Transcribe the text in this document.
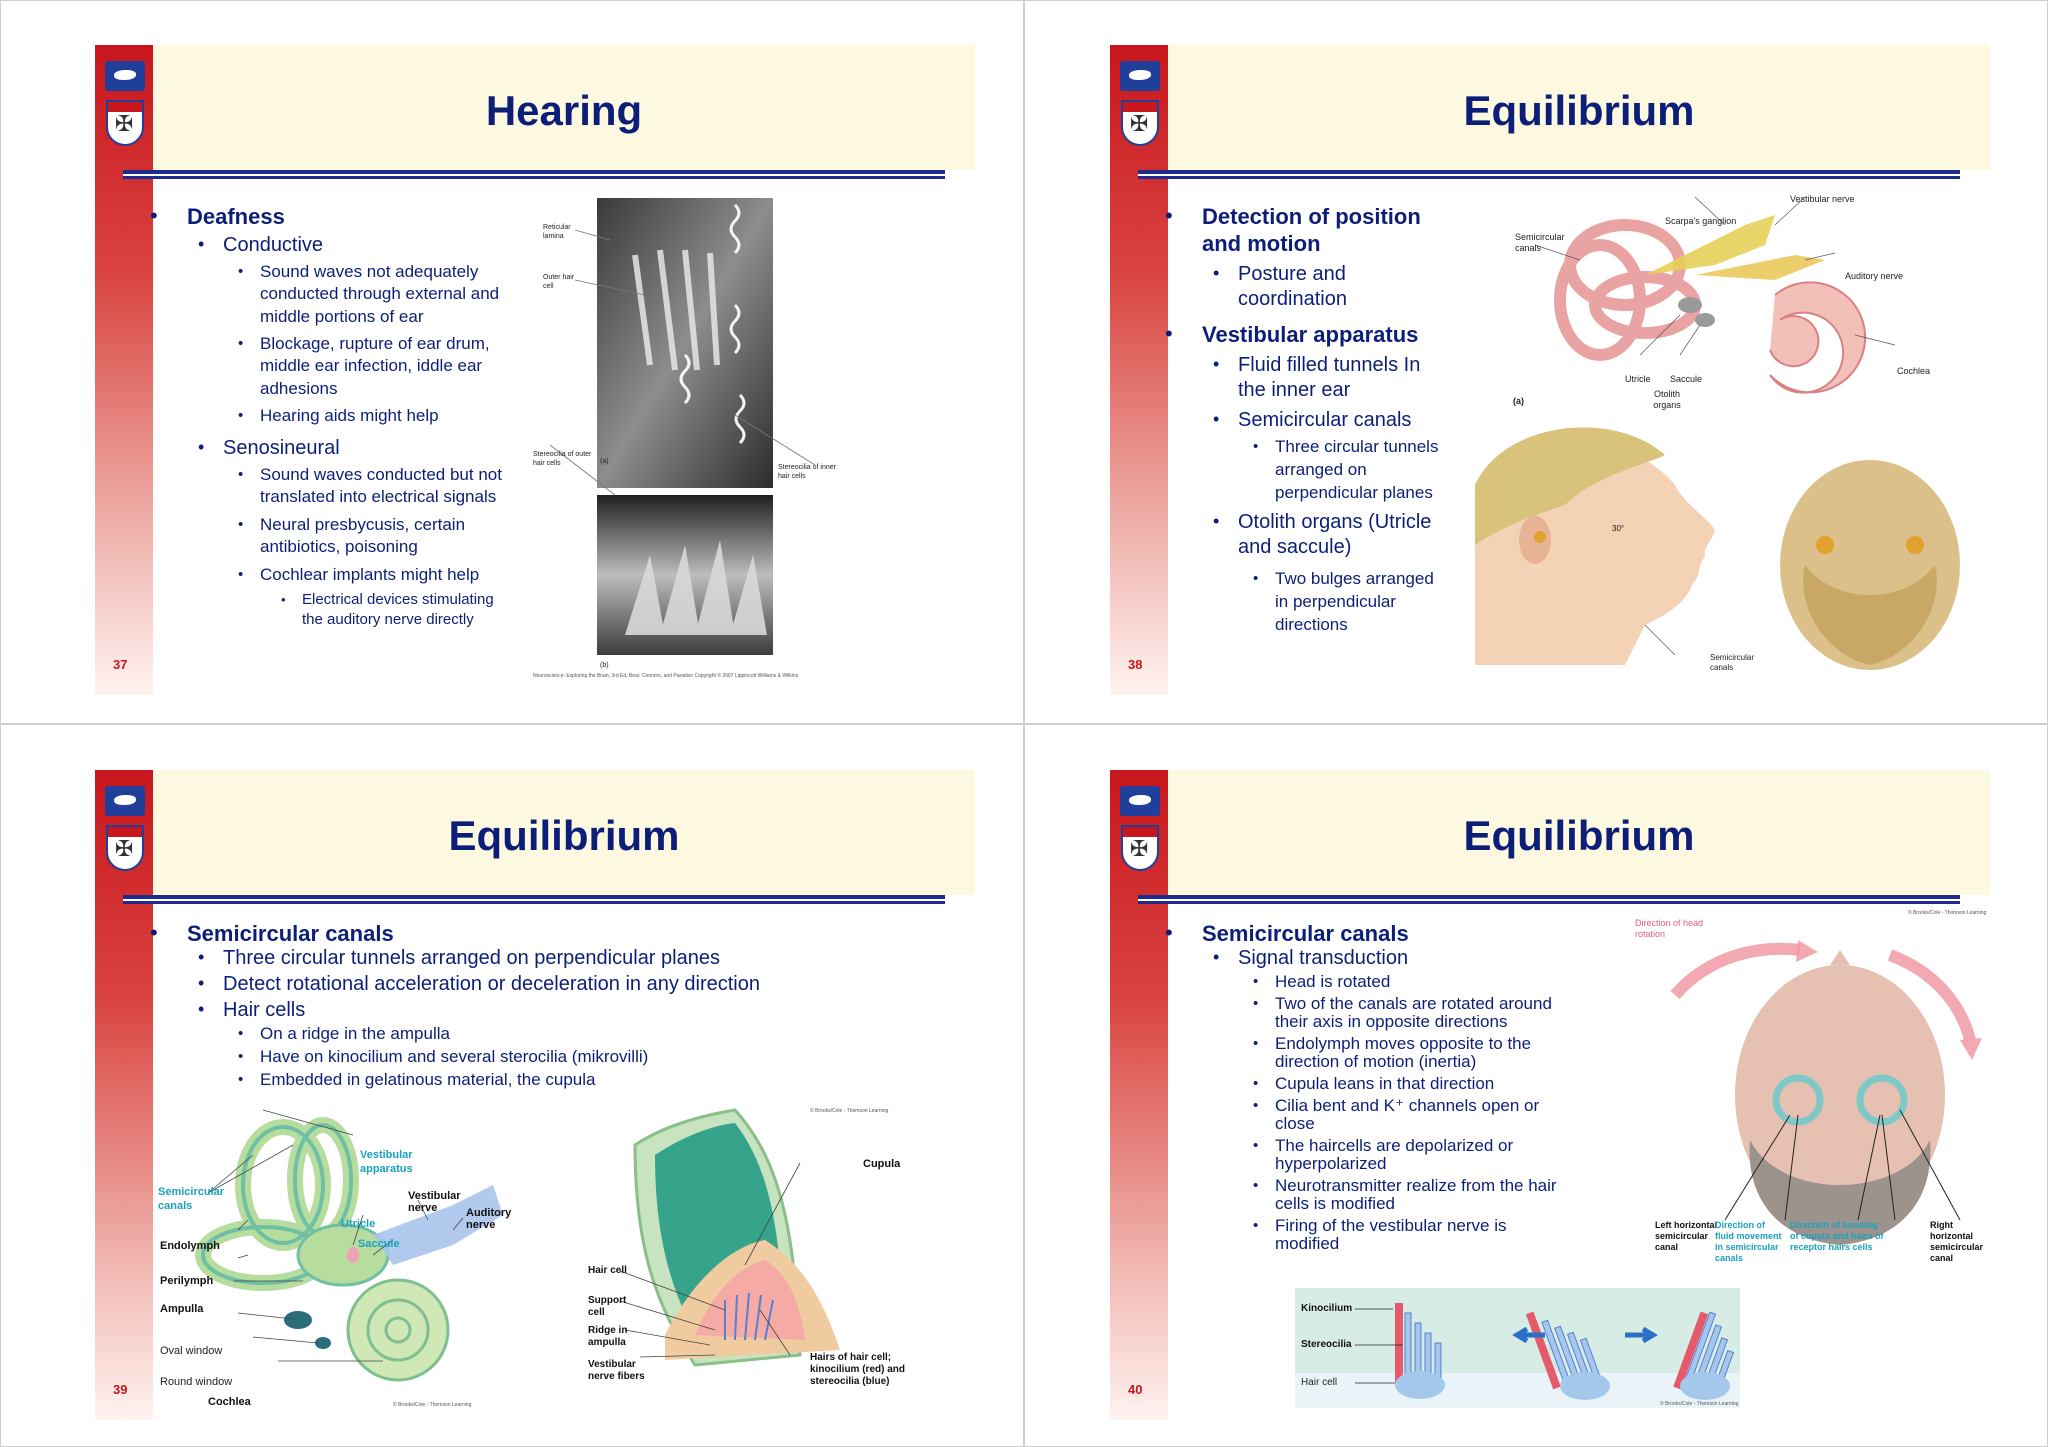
✠
Hearing
37
• Deafness
• Conductive
• Sound waves not adequately
conducted through external and
middle portions of ear
• Blockage, rupture of ear drum,
middle ear infection, iddle ear
adhesions
• Hearing aids might help
• Senosineural
• Sound waves conducted but not
translated into electrical signals
• Neural presbycusis, certain
antibiotics, poisoning
• Cochlear implants might help
• Electrical devices stimulating
the auditory nerve directly
Reticular lamina
Outer hair cell
Stereocilia of outer hair cells
Stereocilia of inner hair cells
(a)
(b)
Neuroscience: Exploring the Brain, 3rd Ed, Bear, Connors, and Paradiso Copyright © 2007 Lippincott Williams & Wilkins
✠
Equilibrium
38
• Detection of position
and motion
• Posture and
coordination
• Vestibular apparatus
• Fluid filled tunnels In
the inner ear
• Semicircular canals
• Three circular tunnels
arranged on
perpendicular planes
• Otolith organs (Utricle
and saccule)
• Two bulges arranged
in perpendicular
directions
Vestibular nerve
Scarpa's ganglion
Semicircular canals
Auditory nerve
Cochlea
Utricle Saccule
Otolith organs
(a)
30°
Semicircular canals
✠
Equilibrium
39
• Semicircular canals
• Three circular tunnels arranged on perpendicular planes
• Detect rotational acceleration or deceleration in any direction
• Hair cells
• On a ridge in the ampulla
• Have on kinocilium and several sterocilia (mikrovilli)
• Embedded in gelatinous material, the cupula
Semicircular canals
Vestibular apparatus
Vestibular nerve	Auditory nerve
Utricle
Endolymph	Saccule
Perilymph
Ampulla
Oval window
Round window
Cochlea	© Brooks/Cole - Thomson Learning
© Brooks/Cole - Thomson Learning
Cupula
Hair cell
Support cell
Ridge in ampulla
Vestibular nerve fibers
Hairs of hair cell; kinocilium (red) and stereocilia (blue)
✠
Equilibrium
40
• Semicircular canals
• Signal transduction
• Head is rotated
• Two of the canals are rotated around
their axis in opposite directions
• Endolymph moves opposite to the
direction of motion (inertia)
• Cupula leans in that direction
• Cilia bent and K⁺ channels open or
close
• The haircells are depolarized or
hyperpolarized
• Neurotransmitter realize from the hair
cells is modified
• Firing of the vestibular nerve is
modified
Direction of head rotation
© Brooks/Cole - Thomson Learning
Left horizontal semicircular canal
Direction of fluid movement in semicircular canals
Direction of bending of cupula and hairs of receptor hairs cells
Right horizontal semicircular canal
Kinocilium
Stereocilia
Hair cell
© Brooks/Cole - Thomson Learning
